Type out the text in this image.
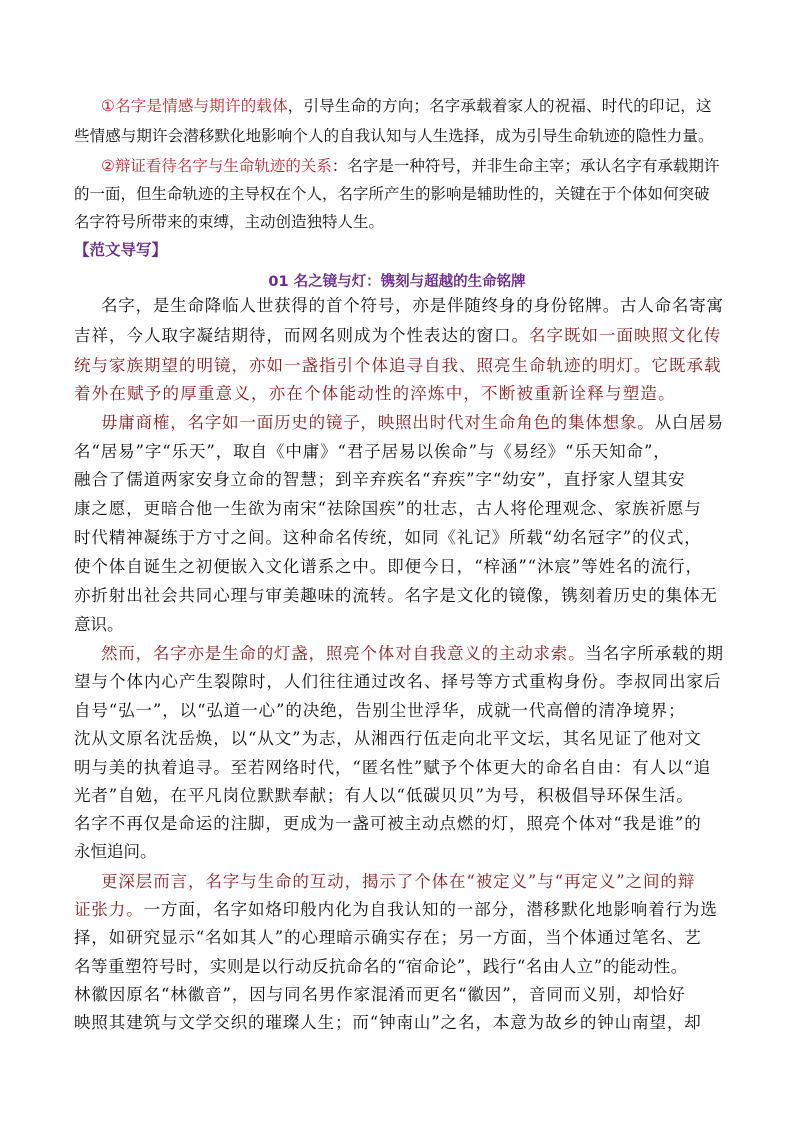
①名字是情感与期许的载体，引导生命的方向；名字承载着家人的祝福、时代的印记，这
些情感与期许会潜移默化地影响个人的自我认知与人生选择，成为引导生命轨迹的隐性力量。
②辩证看待名字与生命轨迹的关系：名字是一种符号，并非生命主宰；承认名字有承载期许
的一面，但生命轨迹的主导权在个人，名字所产生的影响是辅助性的，关键在于个体如何突破
名字符号所带来的束缚，主动创造独特人生。
【范文导写】
01 名之镜与灯：镌刻与超越的生命铭牌
名字，是生命降临人世获得的首个符号，亦是伴随终身的身份铭牌。古人命名寄寓
吉祥，今人取字凝结期待，而网名则成为个性表达的窗口。名字既如一面映照文化传
统与家族期望的明镜，亦如一盏指引个体追寻自我、照亮生命轨迹的明灯。它既承载
着外在赋予的厚重意义，亦在个体能动性的淬炼中，不断被重新诠释与塑造。
毋庸商榷，名字如一面历史的镜子，映照出时代对生命角色的集体想象。从白居易
名“居易”字“乐天”，取自《中庸》“君子居易以俟命”与《易经》“乐天知命”，
融合了儒道两家安身立命的智慧；到辛弃疾名“弃疾”字“幼安”，直抒家人望其安
康之愿，更暗合他一生欲为南宋“祛除国疾”的壮志，古人将伦理观念、家族祈愿与
时代精神凝练于方寸之间。这种命名传统，如同《礼记》所载“幼名冠字”的仪式，
使个体自诞生之初便嵌入文化谱系之中。即便今日，“梓涵”“沐宸”等姓名的流行，
亦折射出社会共同心理与审美趣味的流转。名字是文化的镜像，镌刻着历史的集体无
意识。
然而，名字亦是生命的灯盏，照亮个体对自我意义的主动求索。当名字所承载的期
望与个体内心产生裂隙时，人们往往通过改名、择号等方式重构身份。李叔同出家后
自号“弘一”，以“弘道一心”的决绝，告别尘世浮华，成就一代高僧的清净境界；
沈从文原名沈岳焕，以“从文”为志，从湘西行伍走向北平文坛，其名见证了他对文
明与美的执着追寻。至若网络时代，“匿名性”赋予个体更大的命名自由：有人以“追
光者”自勉，在平凡岗位默默奉献；有人以“低碳贝贝”为号，积极倡导环保生活。
名字不再仅是命运的注脚，更成为一盏可被主动点燃的灯，照亮个体对“我是谁”的
永恒追问。
更深层而言，名字与生命的互动，揭示了个体在“被定义”与“再定义”之间的辩
证张力。一方面，名字如烙印般内化为自我认知的一部分，潜移默化地影响着行为选
择，如研究显示“名如其人”的心理暗示确实存在；另一方面，当个体通过笔名、艺
名等重塑符号时，实则是以行动反抗命名的“宿命论”，践行“名由人立”的能动性。
林徽因原名“林徽音”，因与同名男作家混淆而更名“徽因”，音同而义别，却恰好
映照其建筑与文学交织的璀璨人生；而“钟南山”之名，本意为故乡的钟山南望，却
